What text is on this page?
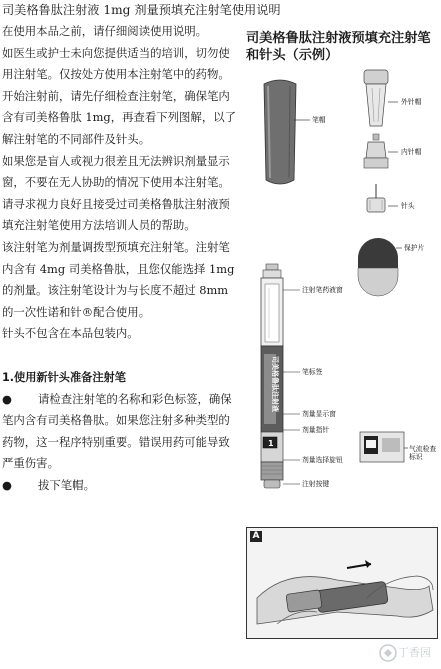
司美格鲁肽注射液 1mg 剂量预填充注射笔使用说明

在使用本品之前，请仔细阅读使用说明。

如医生或护士未向您提供适当的培训，切勿使用注射笔。仅按处方使用本注射笔中的药物。

开始注射前，请先仔细检查注射笔，确保笔内含有司美格鲁肽 1mg，再查看下列图解，以了解注射笔的不同部件及针头。

如果您是盲人或视力很差且无法辨识剂量显示窗，不要在无人协助的情况下使用本注射笔。请寻求视力良好且接受过司美格鲁肽注射液预填充注射笔使用方法培训人员的帮助。

该注射笔为剂量调拨型预填充注射笔。注射笔内含有 4mg 司美格鲁肽，且您仅能选择 1mg 的剂量。该注射笔设计为与长度不超过 8mm 的一次性诺和针®配合使用。

针头不包含在本品包装内。

1.使用新针头准备注射笔

● 请检查注射笔的名称和彩色标签，确保笔内含有司美格鲁肽。如果您注射多种类型的药物，这一程序特别重要。错误用药可能导致严重伤害。

● 拔下笔帽。

司美格鲁肽注射液预填充注射笔和针头（示例）
司美格鲁肽注射液
1
外针帽
笔帽
内针帽
针头
保护片
注射笔药液窗
笔标签
剂量显示窗
剂量指针
剂量选择旋钮
注射按键
气流检查标识
A
丁香园
